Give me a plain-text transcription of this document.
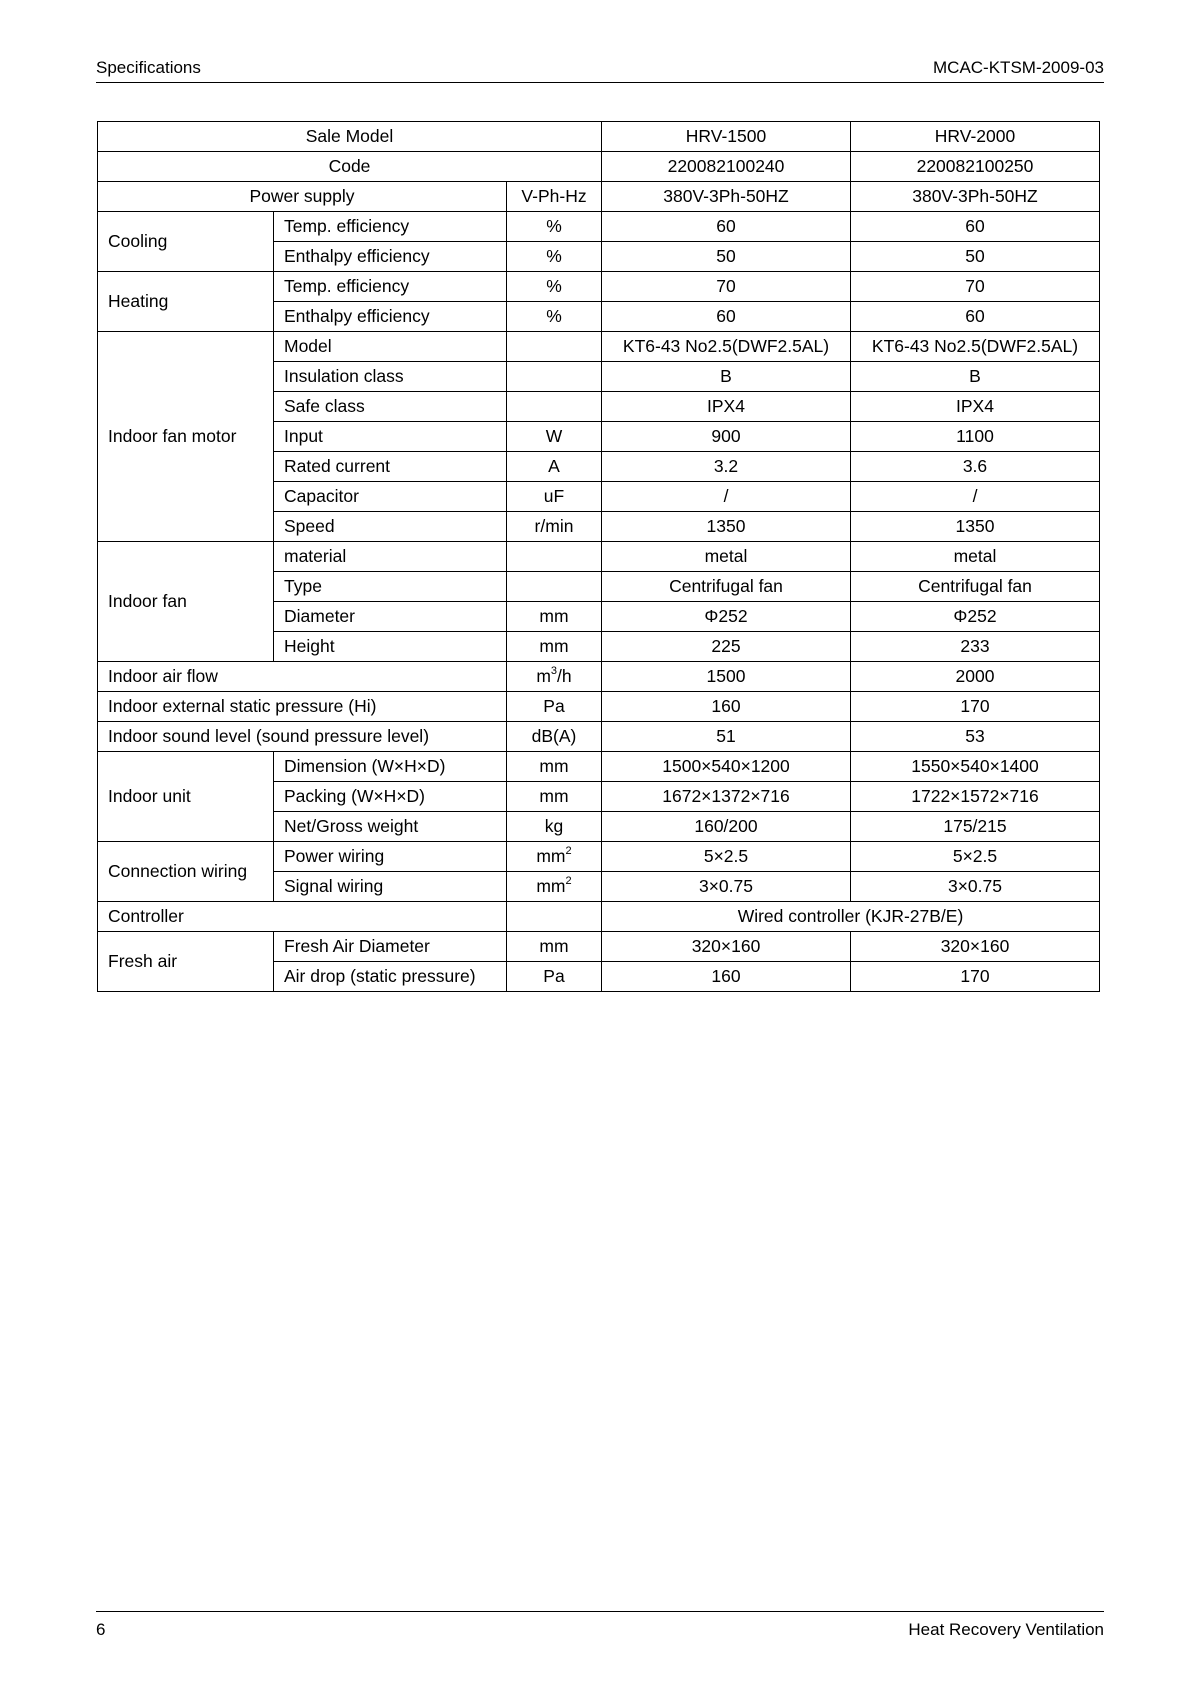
Specifications	MCAC-KTSM-2009-03
Sale Model			HRV-1500	HRV-2000
Code			220082100240	220082100250
Power supply		V-Ph-Hz	380V-3Ph-50HZ	380V-3Ph-50HZ
Cooling	Temp. efficiency	%	60	60
	Enthalpy efficiency	%	50	50
Heating	Temp. efficiency	%	70	70
	Enthalpy efficiency	%	60	60
Indoor fan motor	Model		KT6-43 No2.5(DWF2.5AL)	KT6-43 No2.5(DWF2.5AL)
	Insulation class		B	B
	Safe class		IPX4	IPX4
	Input	W	900	1100
	Rated current	A	3.2	3.6
	Capacitor	uF	/	/
	Speed	r/min	1350	1350
Indoor fan	material		metal	metal
	Type		Centrifugal fan	Centrifugal fan
	Diameter	mm	Φ252	Φ252
	Height	mm	225	233
Indoor air flow		$m^3/h$	1500	2000
Indoor external static pressure (Hi)		Pa	160	170
Indoor sound level (sound pressure level)		dB(A)	51	53
Indoor unit	Dimension (W×H×D)	mm	1500×540×1200	1550×540×1400
	Packing (W×H×D)	mm	1672×1372×716	1722×1572×716
	Net/Gross weight	kg	160/200	175/215
Connection wiring	Power wiring	$mm^2$	5×2.5	5×2.5
	Signal wiring	$mm^2$	3×0.75	3×0.75
Controller			Wired controller (KJR-27B/E)	
Fresh air	Fresh Air Diameter	mm	320×160	320×160
	Air drop (static pressure)	Pa	160	170
6	Heat Recovery Ventilation
